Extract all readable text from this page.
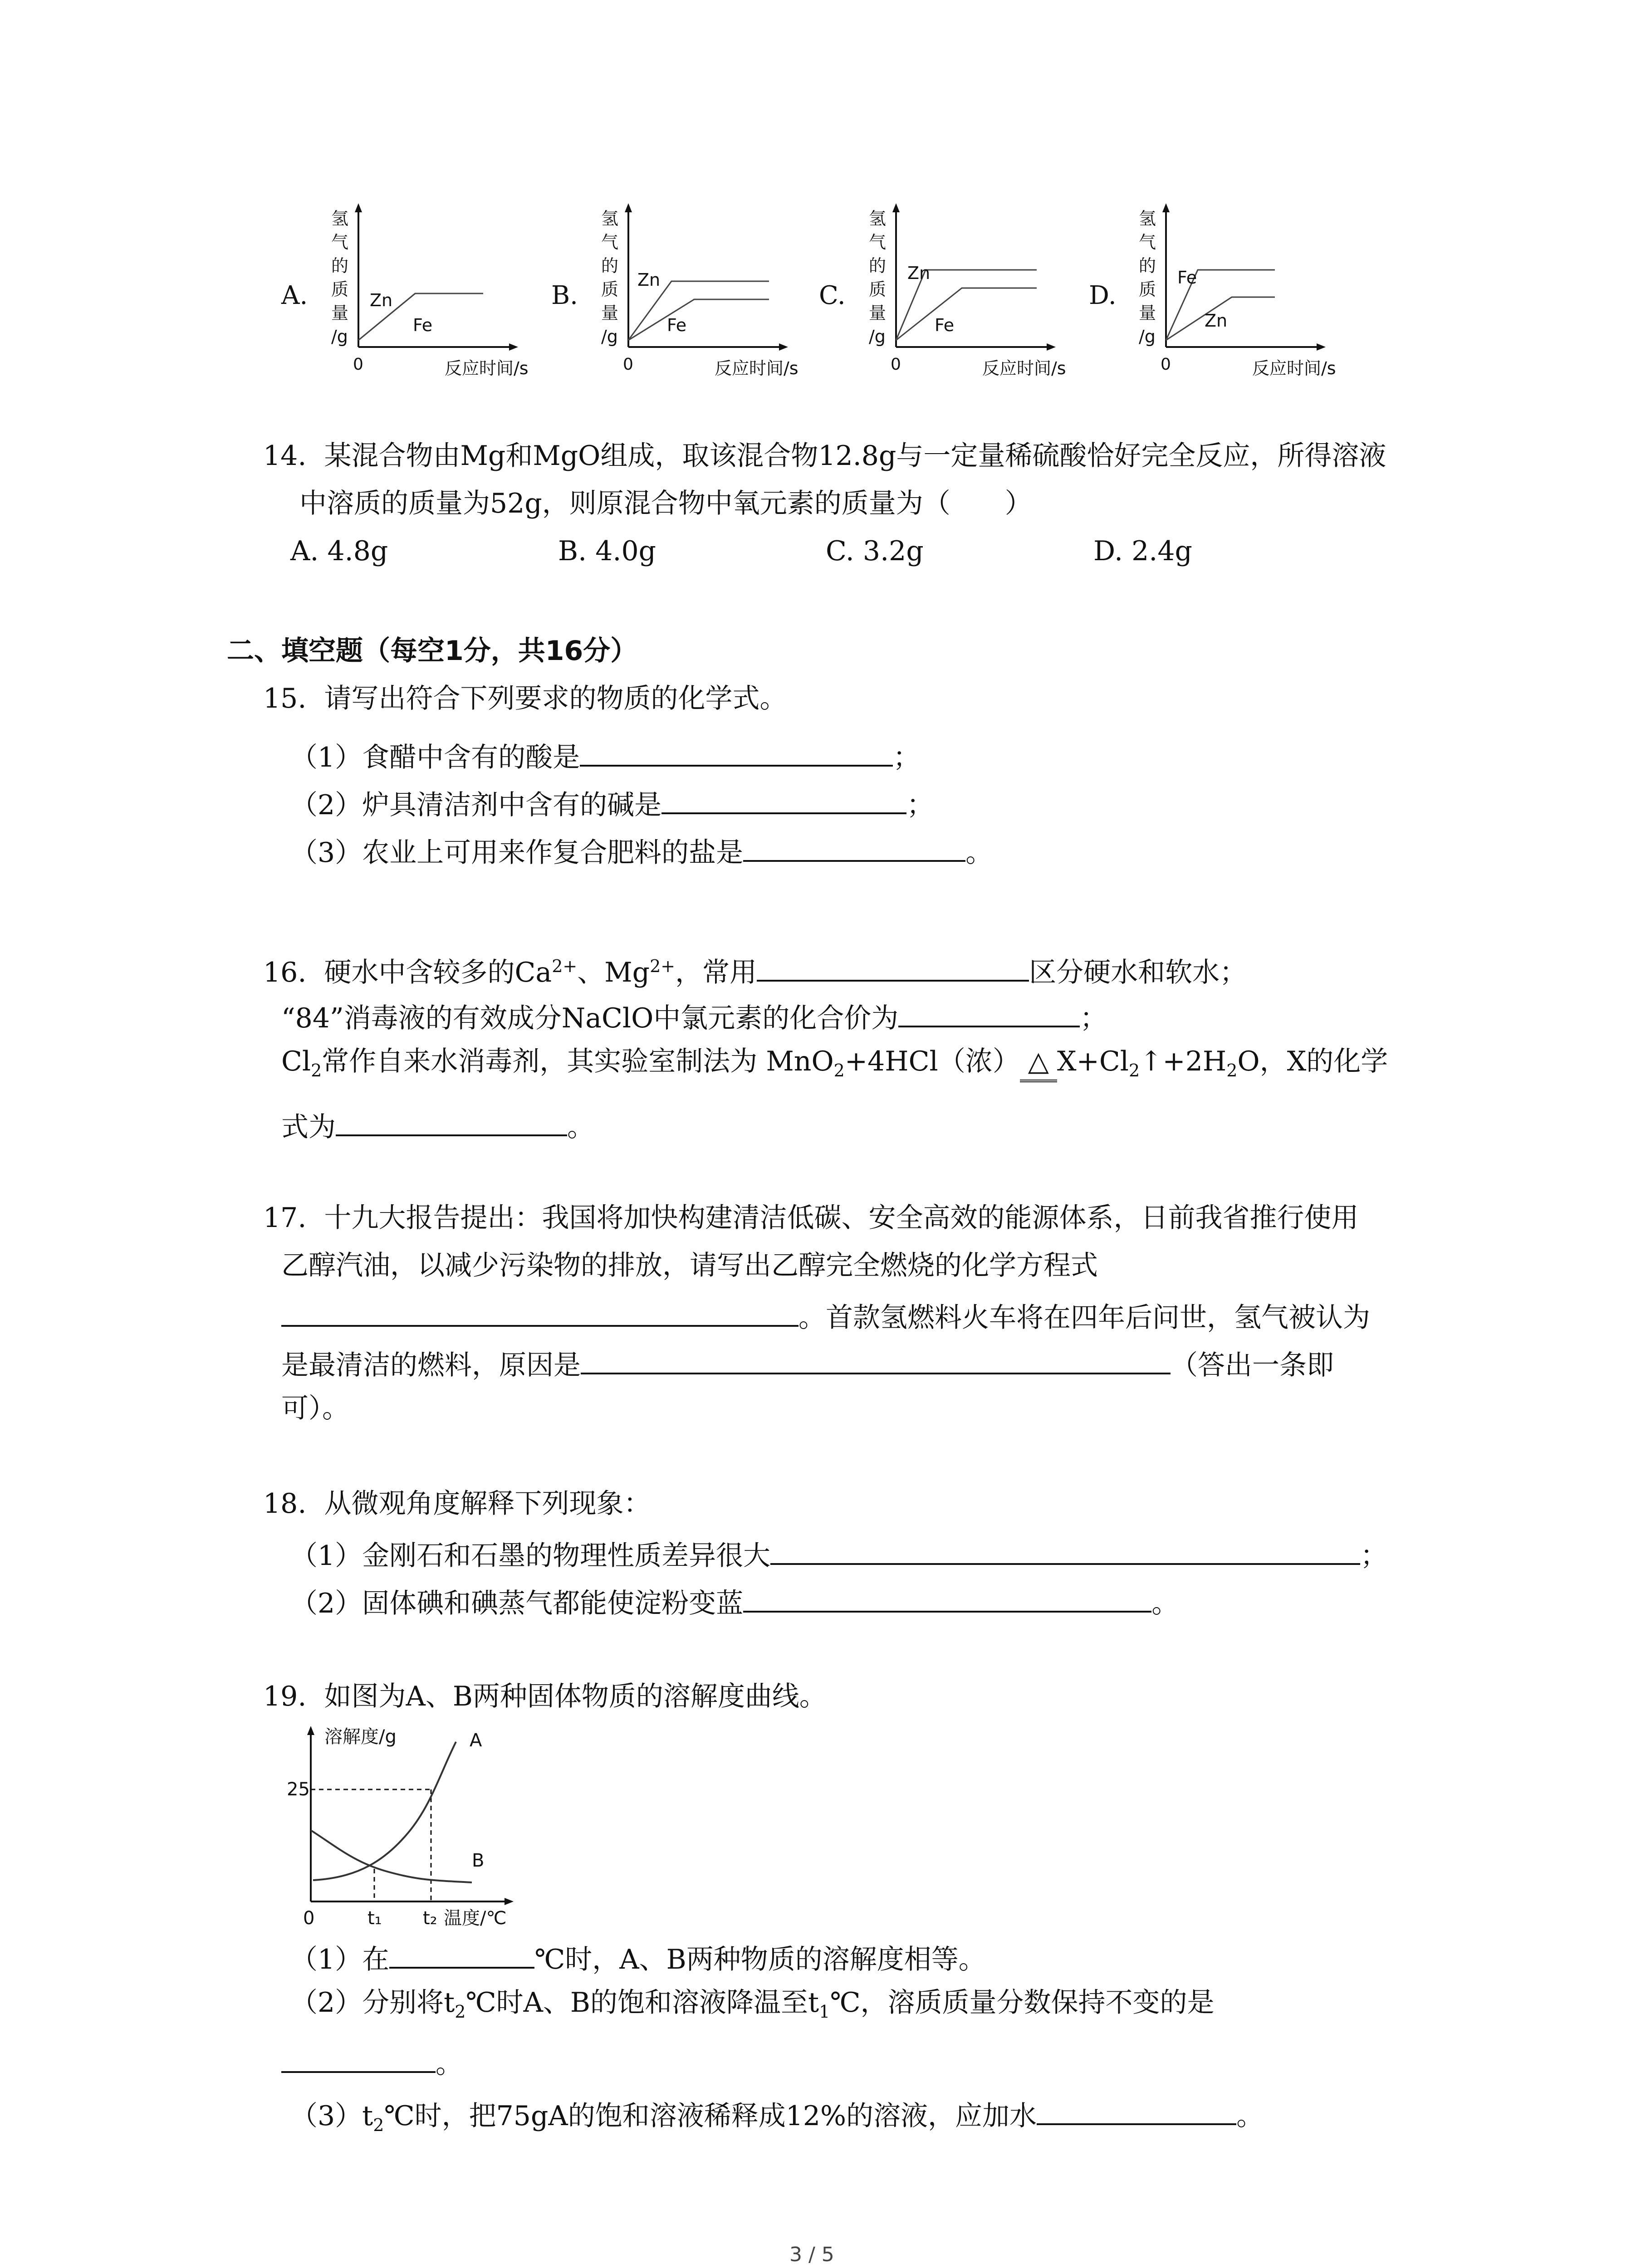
A.
氢
气
的
质
量
/g
0	反应时间/s
Zn
Fe
B.
氢
气
的
质
量
/g
0	反应时间/s
Zn
Fe
C.
氢
气
的
质
量
/g
0	反应时间/s
Zn
Fe
D.
氢
气
的
质
量
/g
0	反应时间/s
Fe
Zn
14. 某混合物由Mg和MgO组成，取该混合物12.8g与一定量稀硫酸恰好完全反应，所得溶液
中溶质的质量为52g，则原混合物中氧元素的质量为（　　）
A. 4.8g	B. 4.0g	C. 3.2g	D. 2.4g
二、填空题（每空1分，共16分）
15. 请写出符合下列要求的物质的化学式。
（1）食醋中含有的酸是	；
（2）炉具清洁剂中含有的碱是	；
（3）农业上可用来作复合肥料的盐是	。
16. 硬水中含较多的$Ca^{2+}$、$Mg^{2+}$，常用	区分硬水和软水；
“84”消毒液的有效成分NaClO中氯元素的化合价为	；
$Cl_2$常作自来水消毒剂，其实验室制法为 MnO$_2$+4HCl（浓） △ $X+Cl_2↑+2H_2O$，X的化学
式为	。
17. 十九大报告提出：我国将加快构建清洁低碳、安全高效的能源体系，日前我省推行使用
乙醇汽油，以减少污染物的排放，请写出乙醇完全燃烧的化学方程式
。首款氢燃料火车将在四年后问世，氢气被认为
是最清洁的燃料，原因是	（答出一条即
可）。
18. 从微观角度解释下列现象：
（1）金刚石和石墨的物理性质差异很大	；
（2）固体碘和碘蒸气都能使淀粉变蓝	。
19. 如图为A、B两种固体物质的溶解度曲线。
溶解度/g
25
A
B
0	t₁ t₂ 温度/℃
（1）在	℃时，A、B两种物质的溶解度相等。
（2）分别将$t_2℃$时A、B的饱和溶液降温至$t_1℃$，溶质质量分数保持不变的是
。
$(3)t_2℃$时，把75gA的饱和溶液稀释成12%的溶液，应加水	。
3 / 5
